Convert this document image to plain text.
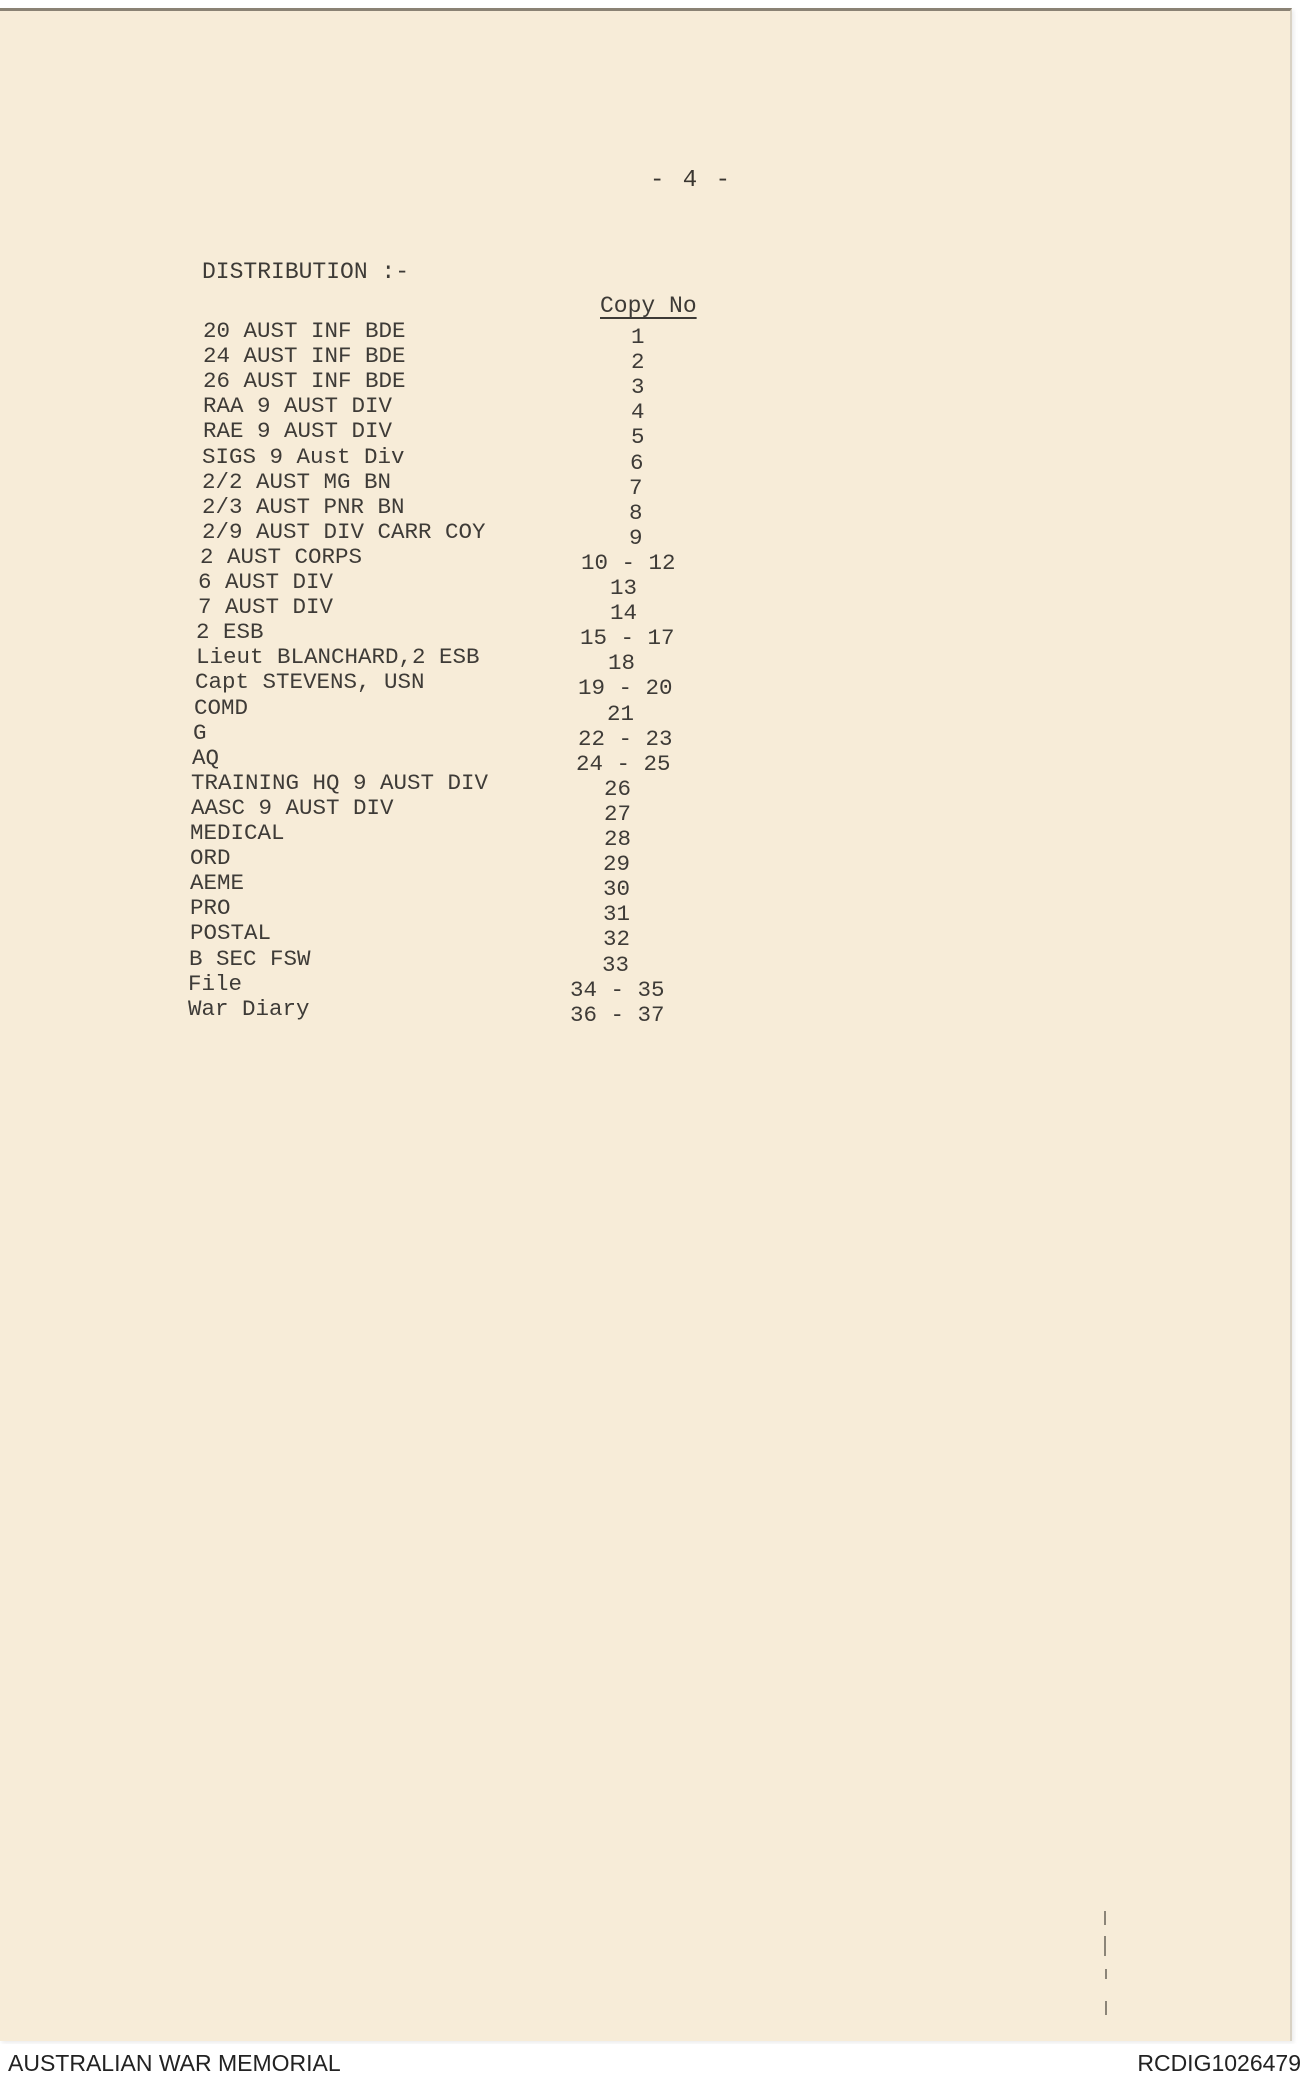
- 4 -
DISTRIBUTION :-
Copy No
20 AUST INF BDE	1
24 AUST INF BDE	2
26 AUST INF BDE	3
RAA 9 AUST DIV	4
RAE 9 AUST DIV	5
SIGS 9 Aust Div	6
2/2 AUST MG BN	7
2/3 AUST PNR BN	8
2/9 AUST DIV CARR COY	9
2 AUST CORPS	10 - 12
6 AUST DIV	13
7 AUST DIV	14
2 ESB	15 - 17
Lieut BLANCHARD,2 ESB	18
Capt STEVENS, USN	19 - 20
COMD	21
G	22 - 23
AQ	24 - 25
TRAINING HQ 9 AUST DIV	26
AASC 9 AUST DIV	27
MEDICAL	28
ORD	29
AEME	30
PRO	31
POSTAL	32
B SEC FSW	33
File	34 - 35
War Diary	36 - 37
AUSTRALIAN WAR MEMORIAL	RCDIG1026479
